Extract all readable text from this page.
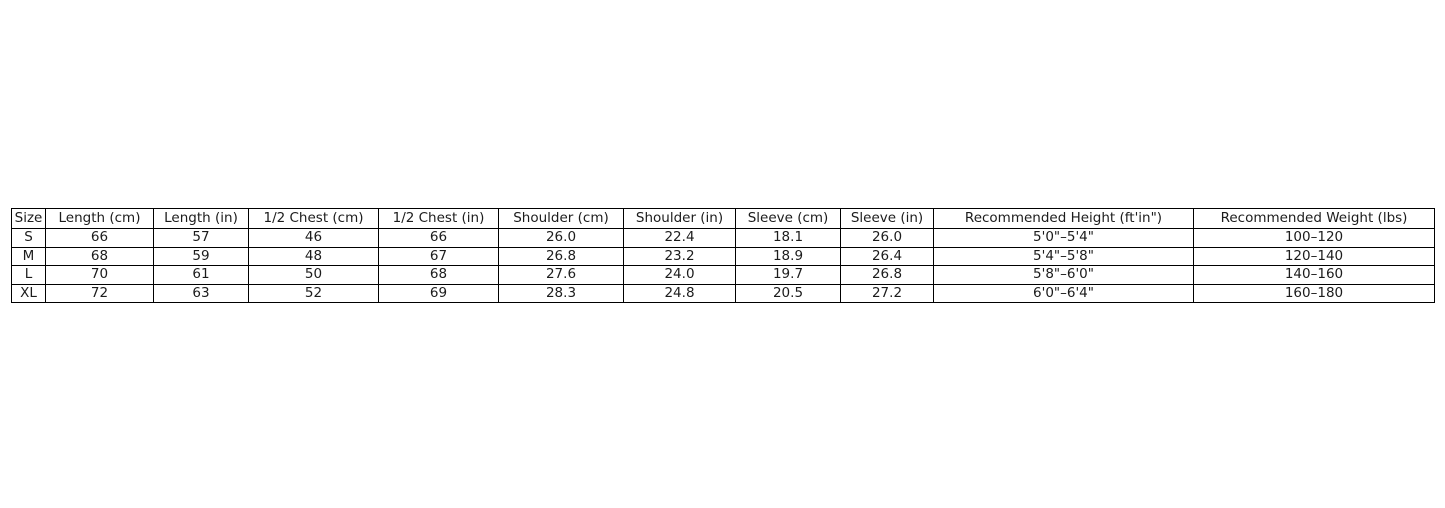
Size	Length (cm)	Length (in)	1/2 Chest (cm)	1/2 Chest (in)	Shoulder (cm)	Shoulder (in)	Sleeve (cm)	Sleeve (in)	Recommended Height (ft'in")	Recommended Weight (lbs)
S	66	57	46	66	26.0	22.4	18.1	26.0	5'0"–5'4"	100–120
M	68	59	48	67	26.8	23.2	18.9	26.4	5'4"–5'8"	120–140
L	70	61	50	68	27.6	24.0	19.7	26.8	5'8"–6'0"	140–160
XL	72	63	52	69	28.3	24.8	20.5	27.2	6'0"–6'4"	160–180
